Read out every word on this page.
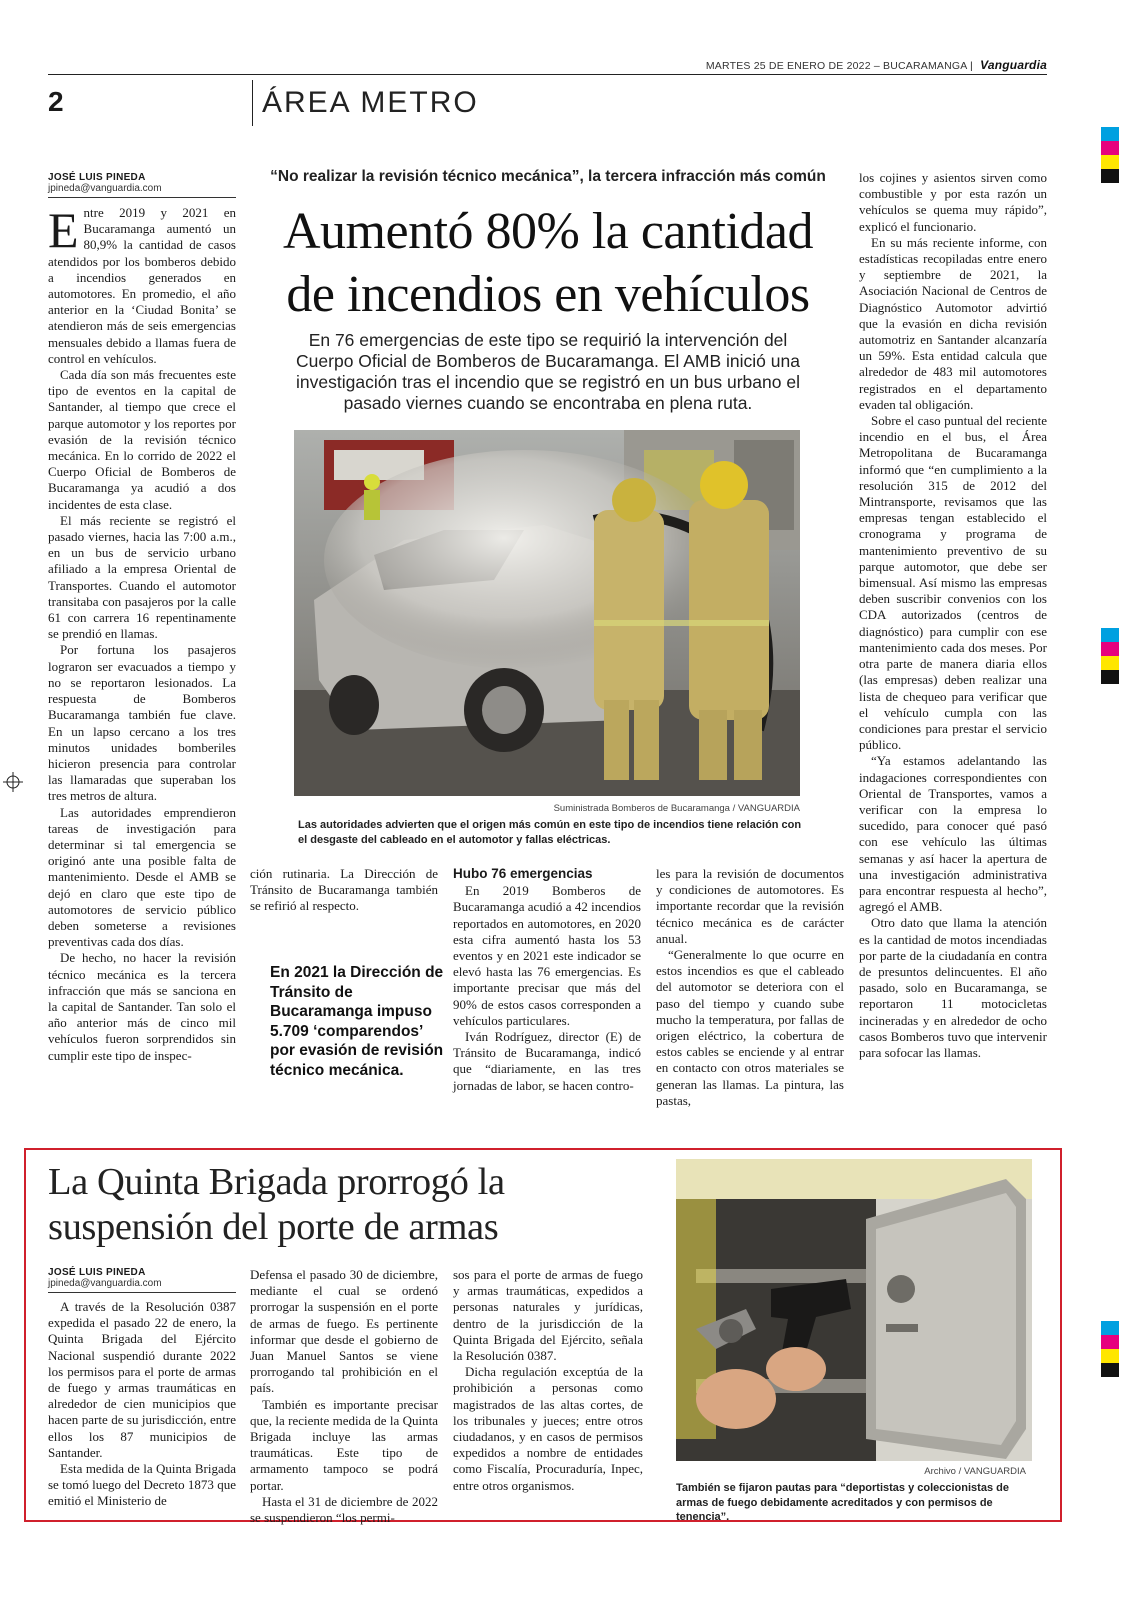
MARTES 25 DE ENERO DE 2022 – BUCARAMANGA | Vanguardia
2	ÁREA METRO
JOSÉ LUIS PINEDA
jpineda@vanguardia.com

Entre 2019 y 2021 en Bucaramanga aumentó un 80,9% la cantidad de casos atendidos por los bomberos debido a incendios generados en automotores. En promedio, el año anterior en la ‘Ciudad Bonita’ se atendieron más de seis emergencias mensuales debido a llamas fuera de control en vehículos.

Cada día son más frecuentes este tipo de eventos en la capital de Santander, al tiempo que crece el parque automotor y los reportes por evasión de la revisión técnico mecánica. En lo corrido de 2022 el Cuerpo Oficial de Bomberos de Bucaramanga ya acudió a dos incidentes de esta clase.

El más reciente se registró el pasado viernes, hacia las 7:00 a.m., en un bus de servicio urbano afiliado a la empresa Oriental de Transportes. Cuando el automotor transitaba con pasajeros por la calle 61 con carrera 16 repentinamente se prendió en llamas.

Por fortuna los pasajeros lograron ser evacuados a tiempo y no se reportaron lesionados. La respuesta de Bomberos Bucaramanga también fue clave. En un lapso cercano a los tres minutos unidades bomberiles hicieron presencia para controlar las llamaradas que superaban los tres metros de altura.

Las autoridades emprendieron tareas de investigación para determinar si tal emergencia se originó ante una posible falta de mantenimiento. Desde el AMB se dejó en claro que este tipo de automotores de servicio público deben someterse a revisiones preventivas cada dos días.

De hecho, no hacer la revisión técnico mecánica es la tercera infracción que más se sanciona en la capital de Santander. Tan solo el año anterior más de cinco mil vehículos fueron sorprendidos sin cumplir este tipo de inspec-

“No realizar la revisión técnico mecánica”, la tercera infracción más común
Aumentó 80% la cantidad de incendios en vehículos
En 76 emergencias de este tipo se requirió la intervención del Cuerpo Oficial de Bomberos de Bucaramanga. El AMB inició una investigación tras el incendio que se registró en un bus urbano el pasado viernes cuando se encontraba en plena ruta.
Suministrada Bomberos de Bucaramanga / VANGUARDIA
Las autoridades advierten que el origen más común en este tipo de incendios tiene relación con el desgaste del cableado en el automotor y fallas eléctricas.

ción rutinaria. La Dirección de Tránsito de Bucaramanga también se refirió al respecto.

En 2021 la Dirección de Tránsito de Bucaramanga impuso 5.709 ‘comparendos’ por evasión de revisión técnico mecánica.

Hubo 76 emergencias

En 2019 Bomberos de Bucaramanga acudió a 42 incendios reportados en automotores, en 2020 esta cifra aumentó hasta los 53 eventos y en 2021 este indicador se elevó hasta las 76 emergencias. Es importante precisar que más del 90% de estos casos corresponden a vehículos particulares.

Iván Rodríguez, director (E) de Tránsito de Bucaramanga, indicó que “diariamente, en las tres jornadas de labor, se hacen contro-

les para la revisión de documentos y condiciones de automotores. Es importante recordar que la revisión técnico mecánica es de carácter anual.

“Generalmente lo que ocurre en estos incendios es que el cableado del automotor se deteriora con el paso del tiempo y cuando sube mucho la temperatura, por fallas de origen eléctrico, la cobertura de estos cables se enciende y al entrar en contacto con otros materiales se generan las llamas. La pintura, las pastas,

los cojines y asientos sirven como combustible y por esta razón un vehículos se quema muy rápido”, explicó el funcionario.

En su más reciente informe, con estadísticas recopiladas entre enero y septiembre de 2021, la Asociación Nacional de Centros de Diagnóstico Automotor advirtió que la evasión en dicha revisión automotriz en Santander alcanzaría un 59%. Esta entidad calcula que alrededor de 483 mil automotores registrados en el departamento evaden tal obligación.

Sobre el caso puntual del reciente incendio en el bus, el Área Metropolitana de Bucaramanga informó que “en cumplimiento a la resolución 315 de 2012 del Mintransporte, revisamos que las empresas tengan establecido el cronograma y programa de mantenimiento preventivo de su parque automotor, que debe ser bimensual. Así mismo las empresas deben suscribir convenios con los CDA autorizados (centros de diagnóstico) para cumplir con ese mantenimiento cada dos meses. Por otra parte de manera diaria ellos (las empresas) deben realizar una lista de chequeo para verificar que el vehículo cumpla con las condiciones para prestar el servicio público.

“Ya estamos adelantando las indagaciones correspondientes con Oriental de Transportes, vamos a verificar con la empresa lo sucedido, para conocer qué pasó con ese vehículo las últimas semanas y así hacer la apertura de una investigación administrativa para encontrar respuesta al hecho”, agregó el AMB.

Otro dato que llama la atención es la cantidad de motos incendiadas por parte de la ciudadanía en contra de presuntos delincuentes. El año pasado, solo en Bucaramanga, se reportaron 11 motocicletas incineradas y en alrededor de ocho casos Bomberos tuvo que intervenir para sofocar las llamas.

La Quinta Brigada prorrogó la suspensión del porte de armas
JOSÉ LUIS PINEDA
jpineda@vanguardia.com

A través de la Resolución 0387 expedida el pasado 22 de enero, la Quinta Brigada del Ejército Nacional suspendió durante 2022 los permisos para el porte de armas de fuego y armas traumáticas en alrededor de cien municipios que hacen parte de su jurisdicción, entre ellos los 87 municipios de Santander.

Esta medida de la Quinta Brigada se tomó luego del Decreto 1873 que emitió el Ministerio de

Defensa el pasado 30 de diciembre, mediante el cual se ordenó prorrogar la suspensión en el porte de armas de fuego. Es pertinente informar que desde el gobierno de Juan Manuel Santos se viene prorrogando tal prohibición en el país.

También es importante precisar que, la reciente medida de la Quinta Brigada incluye las armas traumáticas. Este tipo de armamento tampoco se podrá portar.

Hasta el 31 de diciembre de 2022 se suspendieron “los permi-

sos para el porte de armas de fuego y armas traumáticas, expedidos a personas naturales y jurídicas, dentro de la jurisdicción de la Quinta Brigada del Ejército, señala la Resolución 0387.

Dicha regulación exceptúa de la prohibición a personas como magistrados de las altas cortes, de los tribunales y jueces; entre otros ciudadanos, y en casos de permisos expedidos a nombre de entidades como Fiscalía, Procuraduría, Inpec, entre otros organismos.

Archivo / VANGUARDIA
También se fijaron pautas para “deportistas y coleccionistas de armas de fuego debidamente acreditados y con permisos de tenencia”.
